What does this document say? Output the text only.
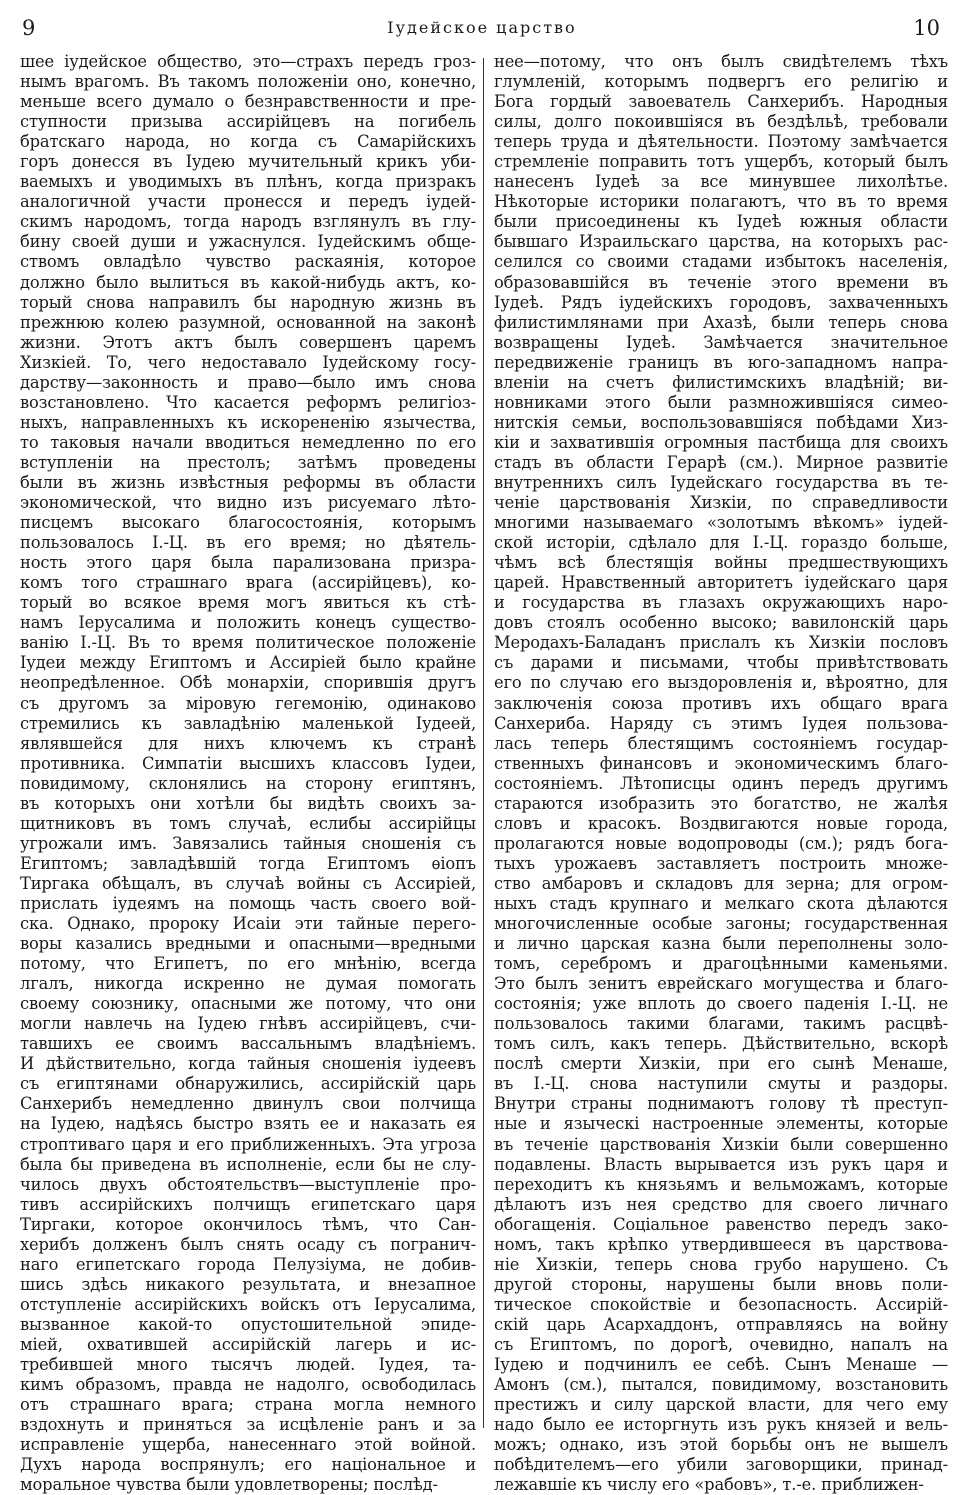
9	Іудейское царство	10
шее іудейское общество, это—страхъ передъ гроз-
нымъ врагомъ. Въ такомъ положеніи оно, конечно,
меньше всего думало о безнравственности и пре-
ступности призыва ассирійцевъ на погибель
братскаго народа, но когда съ Самарійскихъ
горъ донесся въ Іудею мучительный крикъ уби-
ваемыхъ и уводимыхъ въ плѣнъ, когда призракъ
аналогичной участи пронесся и передъ іудей-
скимъ народомъ, тогда народъ взглянулъ въ глу-
бину своей души и ужаснулся. Іудейскимъ обще-
ствомъ овладѣло чувство раскаянія, которое
должно было вылиться въ какой-нибудь актъ, ко-
торый снова направилъ бы народную жизнь въ
прежнюю колею разумной, основанной на законѣ
жизни. Этотъ актъ былъ совершенъ царемъ
Хизкіей. То, чего недоставало Іудейскому госу-
дарству—законность и право—было имъ снова
возстановлено. Что касается реформъ религіоз-
ныхъ, направленныхъ къ искорененію язычества,
то таковыя начали вводиться немедленно по его
вступленіи на престолъ; затѣмъ проведены
были въ жизнь извѣстныя реформы въ области
экономической, что видно изъ рисуемаго лѣто-
писцемъ высокаго благосостоянія, которымъ
пользовалось І.-Ц. въ его время; но дѣятель-
ность этого царя была парализована призра-
комъ того страшнаго врага (ассирійцевъ), ко-
торый во всякое время могъ явиться къ стѣ-
намъ Іерусалима и положить конецъ существо-
ванію І.-Ц. Въ то время политическое положеніе
Іудеи между Египтомъ и Ассиріей было крайне
неопредѣленное. Обѣ монархіи, спорившія другъ
съ другомъ за міровую гегемонію, одинаково
стремились къ завладѣнію маленькой Іудеей,
являвшейся для нихъ ключемъ къ странѣ
противника. Симпатіи высшихъ классовъ Іудеи,
повидимому, склонялись на сторону египтянъ,
въ которыхъ они хотѣли бы видѣть своихъ за-
щитниковъ въ томъ случаѣ, еслибы ассирійцы
угрожали имъ. Завязались тайныя сношенія съ
Египтомъ; завладѣвшій тогда Египтомъ ѳіопъ
Тиргака обѣщалъ, въ случаѣ войны съ Ассиріей,
прислать іудеямъ на помощь часть своего вой-
ска. Однако, пророку Исаіи эти тайные перего-
воры казались вредными и опасными—вредными
потому, что Египетъ, по его мнѣнію, всегда
лгалъ, никогда искренно не думая помогать
своему союзнику, опасными же потому, что они
могли навлечь на Іудею гнѣвъ ассирійцевъ, счи-
тавшихъ ее своимъ вассальнымъ владѣніемъ.
И дѣйствительно, когда тайныя сношенія іудеевъ
съ египтянами обнаружились, ассирійскій царь
Санхерибъ немедленно двинулъ свои полчища
на Іудею, надѣясь быстро взять ее и наказать ея
строптиваго царя и его приближенныхъ. Эта угроза
была бы приведена въ исполненіе, если бы не слу-
чилось двухъ обстоятельствъ—выступленіе про-
тивъ ассирійскихъ полчищъ египетскаго царя
Тиргаки, которое окончилось тѣмъ, что Сан-
херибъ долженъ былъ снять осаду съ погранич-
наго египетскаго города Пелузіума, не добив-
шись здѣсь никакого результата, и внезапное
отступленіе ассирійскихъ войскъ отъ Іерусалима,
вызванное какой-то опустошительной эпиде-
міей, охватившей ассирійскій лагерь и ис-
требившей много тысячъ людей. Іудея, та-
кимъ образомъ, правда не надолго, освободилась
отъ страшнаго врага; страна могла немного
вздохнуть и приняться за исцѣленіе ранъ и за
исправленіе ущерба, нанесеннаго этой войной.
Духъ народа воспрянулъ; его національное и
моральное чувства были удовлетворены; послѣд-
нее—потому, что онъ былъ свидѣтелемъ тѣхъ
глумленій, которымъ подвергъ его религію и
Бога гордый завоеватель Санхерибъ. Народныя
силы, долго покоившіяся въ бездѣльѣ, требовали
теперь труда и дѣятельности. Поэтому замѣчается
стремленіе поправить тотъ ущербъ, который былъ
нанесенъ Іудеѣ за все минувшее лихолѣтье.
Нѣкоторые историки полагаютъ, что въ то время
были присоединены къ Іудеѣ южныя области
бывшаго Израильскаго царства, на которыхъ рас-
селился со своими стадами избытокъ населенія,
образовавшійся въ теченіе этого времени въ
Іудеѣ. Рядъ іудейскихъ городовъ, захваченныхъ
филистимлянами при Ахазѣ, были теперь снова
возвращены Іудеѣ. Замѣчается значительное
передвиженіе границъ въ юго-западномъ напра-
вленіи на счетъ филистимскихъ владѣній; ви-
новниками этого были размножившіяся симео-
нитскія семьи, воспользовавшіяся побѣдами Хиз-
кіи и захватившія огромныя пастбища для своихъ
стадъ въ области Герарѣ (см.). Мирное развитіе
внутреннихъ силъ Іудейскаго государства въ те-
ченіе царствованія Хизкіи, по справедливости
многими называемаго «золотымъ вѣкомъ» іудей-
ской исторіи, сдѣлало для І.-Ц. гораздо больше,
чѣмъ всѣ блестящія войны предшествующихъ
царей. Нравственный авторитетъ іудейскаго царя
и государства въ глазахъ окружающихъ наро-
довъ стоялъ особенно высоко; вавилонскій царь
Меродахъ-Баладанъ прислалъ къ Хизкіи пословъ
съ дарами и письмами, чтобы привѣтствовать
его по случаю его выздоровленія и, вѣроятно, для
заключенія союза противъ ихъ общаго врага
Санхериба. Наряду съ этимъ Іудея пользова-
лась теперь блестящимъ состояніемъ государ-
ственныхъ финансовъ и экономическимъ благо-
состояніемъ. Лѣтописцы одинъ передъ другимъ
стараются изобразить это богатство, не жалѣя
словъ и красокъ. Воздвигаются новые города,
пролагаются новые водопроводы (см.); рядъ бога-
тыхъ урожаевъ заставляетъ построить множе-
ство амбаровъ и складовъ для зерна; для огром-
ныхъ стадъ крупнаго и мелкаго скота дѣлаются
многочисленные особые загоны; государственная
и лично царская казна были переполнены золо-
томъ, серебромъ и драгоцѣнными каменьями.
Это былъ зенитъ еврейскаго могущества и благо-
состоянія; уже вплоть до своего паденія І.-Ц. не
пользовалось такими благами, такимъ расцвѣ-
томъ силъ, какъ теперь. Дѣйствительно, вскорѣ
послѣ смерти Хизкіи, при его сынѣ Менаше,
въ І.-Ц. снова наступили смуты и раздоры.
Внутри страны поднимаютъ голову тѣ преступ-
ные и языческі настроенные элементы, которые
въ теченіе царствованія Хизкіи были совершенно
подавлены. Власть вырывается изъ рукъ царя и
переходитъ къ князьямъ и вельможамъ, которые
дѣлаютъ изъ нея средство для своего личнаго
обогащенія. Соціальное равенство передъ зако-
номъ, такъ крѣпко утвердившееся въ царствова-
ніе Хизкіи, теперь снова грубо нарушено. Съ
другой стороны, нарушены были вновь поли-
тическое спокойствіе и безопасность. Ассирій-
скій царь Асархаддонъ, отправляясь на войну
съ Египтомъ, по дорогѣ, очевидно, напалъ на
Іудею и подчинилъ ее себѣ. Сынъ Менаше —
Амонъ (см.), пытался, повидимому, возстановить
престижъ и силу царской власти, для чего ему
надо было ее исторгнуть изъ рукъ князей и вель-
можъ; однако, изъ этой борьбы онъ не вышелъ
побѣдителемъ—его убили заговорщики, принад-
лежавшіе къ числу его «рабовъ», т.-е. приближен-
